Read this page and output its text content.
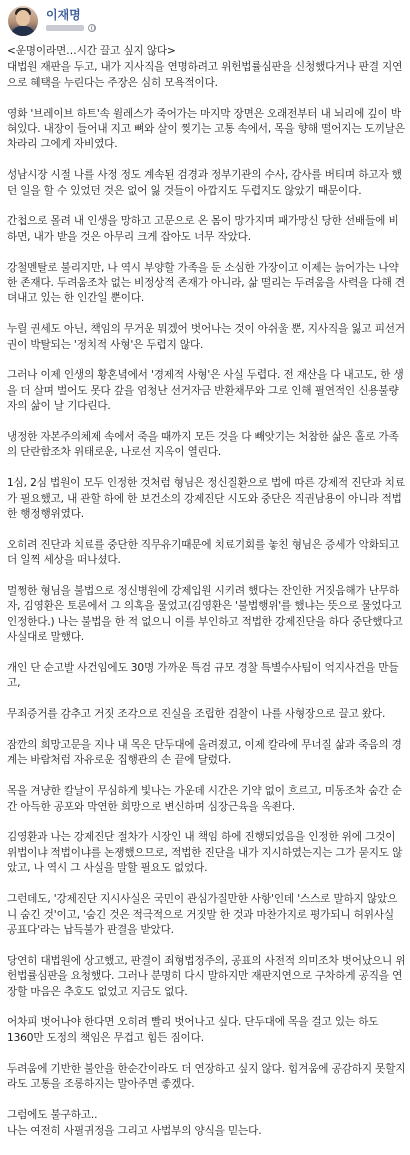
이재명

<운명이라면…시간 끌고 싶지 않다>

대법원 재판을 두고, 내가 지사직을 연명하려고 위헌법률심판을 신청했다거나 판결 지연으로 혜택을 누린다는 주장은 심히 모욕적이다.

영화 '브레이브 하트'속 윌레스가 죽어가는 마지막 장면은 오래전부터 내 뇌리에 깊이 박혀있다. 내장이 들어내 지고 뼈와 살이 찢기는 고통 속에서, 목을 향해 떨어지는 도끼날은 차라리 그에게 자비였다.

성남시장 시절 나를 사정 정도 계속된 검경과 정부기관의 수사, 감사를 버티며 하고자 했던 일을 할 수 있었던 것은 없어 잃 것들이 아깝지도 두렵지도 않았기 때문이다.

간첩으로 몰려 내 인생을 망하고 고문으로 온 몸이 망가지며 패가망신 당한 선배들에 비하면, 내가 받을 것은 아무리 크게 잡아도 너무 작았다.

강철멘탈로 불리지만, 나 역시 부양할 가족을 둔 소심한 가장이고 이제는 늙어가는 나약한 존재다. 두려움조차 없는 비정상적 존재가 아니라, 삶 떨리는 두려움을 사력을 다해 견뎌내고 있는 한 인간일 뿐이다.

누릴 권세도 아닌, 책임의 무거운 뭐겠어 벗어나는 것이 아쉬울 뿐, 지사직을 잃고 피선거권이 박탈되는 '정치적 사형'은 두렵지 않다.

그러나 이제 인생의 황혼녘에서 '경제적 사형'은 사실 두렵다. 전 재산을 다 내고도, 한 생을 더 살며 벌어도 못다 갚을 엄청난 선거자금 반환채무와 그로 인해 필연적인 신용불량자의 삶이 날 기다린다.

냉정한 자본주의체제 속에서 죽을 때까지 모든 것을 다 빼앗기는 처참한 삶은 홀로 가족의 단란함조차 위태로운, 나로선 지옥이 열린다.

1심, 2심 법원이 모두 인정한 것처럼 형님은 정신질환으로 법에 따른 강제적 진단과 치료가 필요했고, 내 관할 하에 한 보건소의 강제진단 시도와 중단은 직권남용이 아니라 적법한 행정행위였다.

오히려 진단과 치료를 중단한 직무유기때문에 치료기회를 놓친 형님은 증세가 악화되고 더 일찍 세상을 떠나셨다.

멀쩡한 형님을 불법으로 정신병원에 강제입원 시키려 했다는 잔인한 거짓음해가 난무하자, 김영환은 토론에서 그 의혹을 물었고(김영환은 '불법행위'를 했냐는 뜻으로 물었다고 인정한다.) 나는 불법을 한 적 없으니 이를 부인하고 적법한 강제진단을 하다 중단했다고 사실대로 말했다.

개인 단 순고발 사건임에도 30명 가까운 특검 규모 경찰 특별수사팀이 억지사건을 만들고,

무죄증거를 감추고 거짓 조각으로 진실을 조립한 검찰이 나를 사형장으로 끌고 왔다.

잠깐의 희망고문을 지나 내 목은 단두대에 올려졌고, 이제 칼라에 무너질 삶과 죽음의 경계는 바람처럼 자유로운 집행관의 손 끝에 달렸다.

목을 겨냥한 칼날이 무심하게 빛나는 가운데 시간은 기약 없이 흐르고, 미동조차 숨간 순간 아득한 공포와 막연한 희망으로 변신하며 심장근육을 옥죈다.

김영환과 나는 강제진단 절차가 시장인 내 책임 하에 진행되었음을 인정한 위에 그것이 위법이냐 적법이냐를 논쟁했으므로, 적법한 진단을 내가 지시하였는지는 그가 묻지도 않았고, 나 역시 그 사실을 말할 필요도 없었다.

그런데도, '강제진단 지시사실은 국민이 관심가질만한 사항'인데 '스스로 말하지 않았으니 숨긴 것'이고, '숨긴 것은 적극적으로 거짓말 한 것과 마찬가지로 평가되니 허위사실 공표다'라는 납득불가 판결을 받았다.

당연히 대법원에 상고했고, 판결이 죄형법정주의, 공표의 사전적 의미조차 벗어났으니 위헌법률심판을 요청했다. 그러나 분명히 다시 말하지만 재판지연으로 구차하게 공직을 연장할 마음은 추호도 없었고 지금도 없다.

어차피 벗어나야 한다면 오히려 빨리 벗어나고 싶다. 단두대에 목을 걸고 있는 하도 1360만 도정의 책임은 무겁고 힘든 짐이다.

두려움에 기반한 불안을 한순간이라도 더 연장하고 싶지 않다. 힘겨움에 공감하지 못할지라도 고통을 조롱하지는 말아주면 좋겠다.

그럼에도 불구하고..

나는 여전히 사필귀정을 그리고 사법부의 양식을 믿는다.
